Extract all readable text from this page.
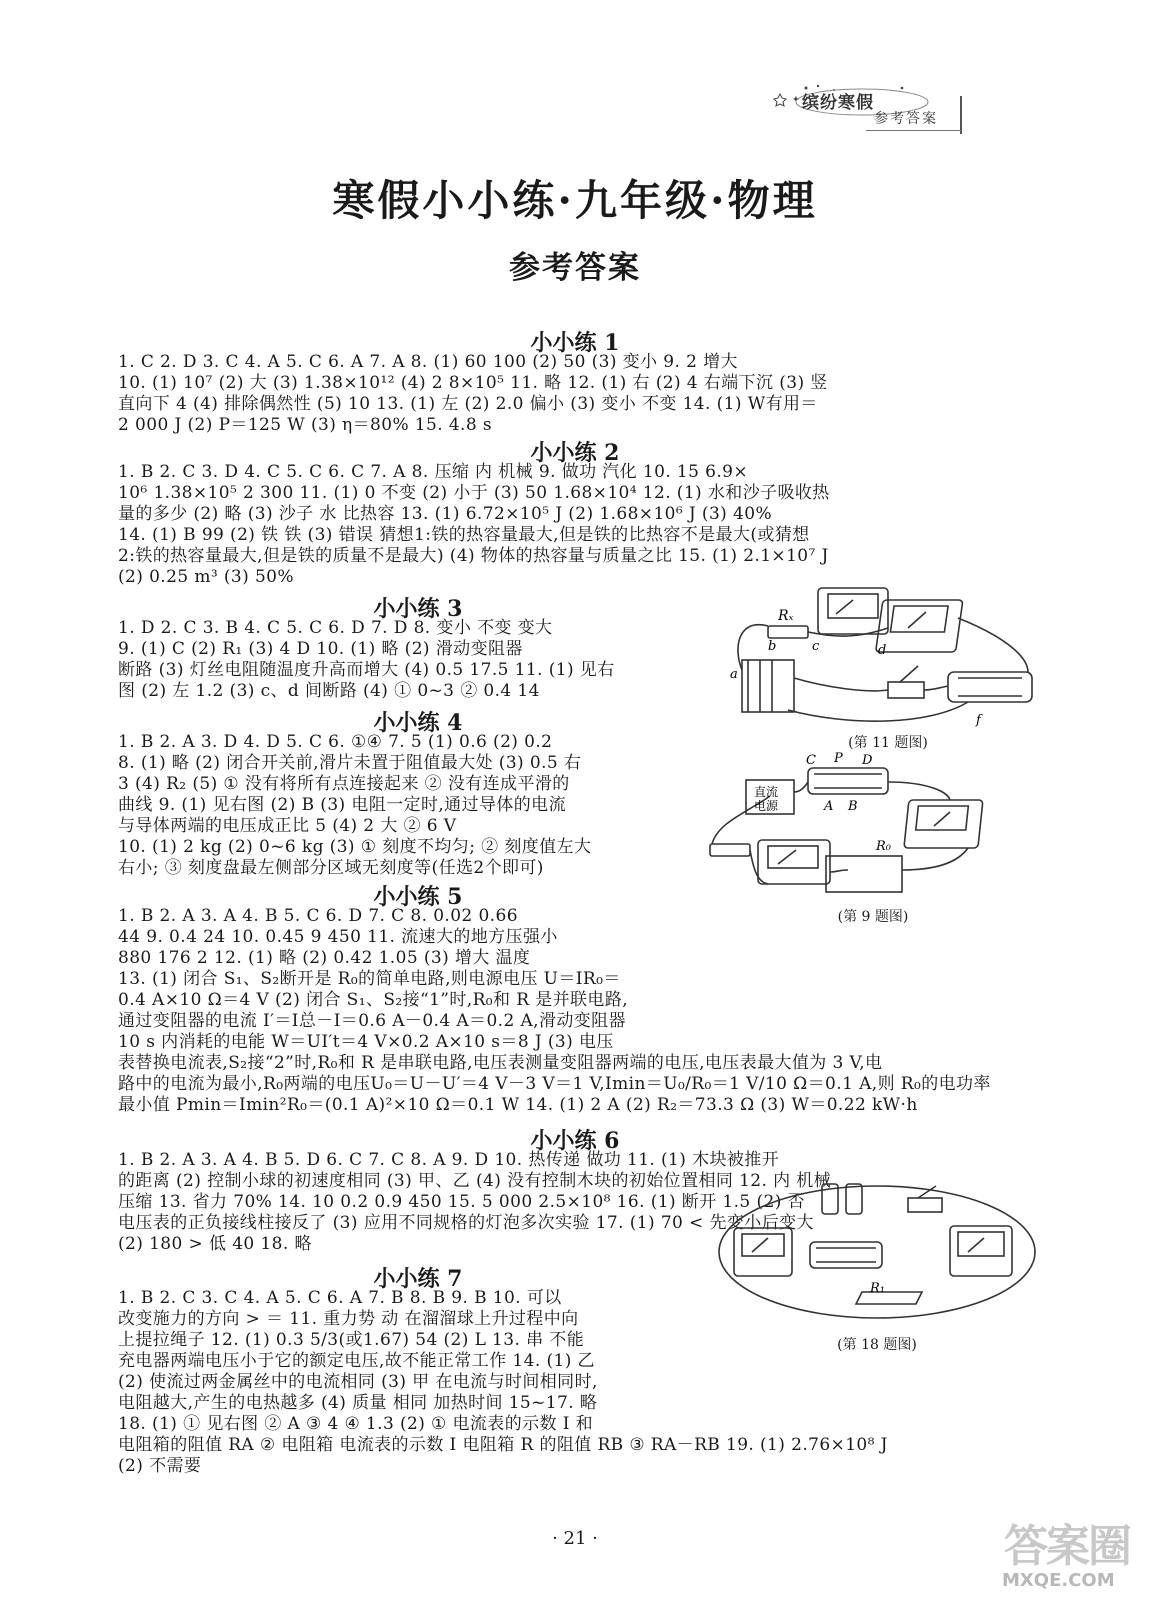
缤纷寒假
参考答案
寒假小小练·九年级·物理
参考答案
小小练 1
1. C 2. D 3. C 4. A 5. C 6. A 7. A 8. (1) 60 100 (2) 50 (3) 变小 9. 2 增大
10. (1) 10⁷ (2) 大 (3) 1.38×10¹² (4) 2 8×10⁵ 11. 略 12. (1) 右 (2) 4 右端下沉 (3) 竖
直向下 4 (4) 排除偶然性 (5) 10 13. (1) 左 (2) 2.0 偏小 (3) 变小 不变 14. (1) W有用＝
2 000 J (2) P＝125 W (3) η＝80% 15. 4.8 s
小小练 2
1. B 2. C 3. D 4. C 5. C 6. C 7. A 8. 压缩 内 机械 9. 做功 汽化 10. 15 6.9×
10⁶ 1.38×10⁵ 2 300 11. (1) 0 不变 (2) 小于 (3) 50 1.68×10⁴ 12. (1) 水和沙子吸收热
量的多少 (2) 略 (3) 沙子 水 比热容 13. (1) 6.72×10⁵ J (2) 1.68×10⁶ J (3) 40%
14. (1) B 99 (2) 铁 铁 (3) 错误 猜想1:铁的热容量最大,但是铁的比热容不是最大(或猜想
2:铁的热容量最大,但是铁的质量不是最大) (4) 物体的热容量与质量之比 15. (1) 2.1×10⁷ J
(2) 0.25 m³ (3) 50%
小小练 3
1. D 2. C 3. B 4. C 5. C 6. D 7. D 8. 变小 不变 变大
9. (1) C (2) R₁ (3) 4 D 10. (1) 略 (2) 滑动变阻器
断路 (3) 灯丝电阻随温度升高而增大 (4) 0.5 17.5 11. (1) 见右
图 (2) 左 1.2 (3) c、d 间断路 (4) ① 0~3 ② 0.4 14
小小练 4
1. B 2. A 3. D 4. D 5. C 6. ①④ 7. 5 (1) 0.6 (2) 0.2
8. (1) 略 (2) 闭合开关前,滑片未置于阻值最大处 (3) 0.5 右
3 (4) R₂ (5) ① 没有将所有点连接起来 ② 没有连成平滑的
曲线 9. (1) 见右图 (2) B (3) 电阻一定时,通过导体的电流
与导体两端的电压成正比 5 (4) 2 大 ② 6 V
10. (1) 2 kg (2) 0~6 kg (3) ① 刻度不均匀; ② 刻度值左大
右小; ③ 刻度盘最左侧部分区域无刻度等(任选2个即可)
小小练 5
1. B 2. A 3. A 4. B 5. C 6. D 7. C 8. 0.02 0.66
44 9. 0.4 24 10. 0.45 9 450 11. 流速大的地方压强小
880 176 2 12. (1) 略 (2) 0.42 1.05 (3) 增大 温度
13. (1) 闭合 S₁、S₂断开是 R₀的简单电路,则电源电压 U＝IR₀＝
0.4 A×10 Ω＝4 V (2) 闭合 S₁、S₂接“1”时,R₀和 R 是并联电路,
通过变阻器的电流 I′＝I总－I＝0.6 A－0.4 A＝0.2 A,滑动变阻器
10 s 内消耗的电能 W＝UI′t＝4 V×0.2 A×10 s＝8 J (3) 电压
表替换电流表,S₂接“2”时,R₀和 R 是串联电路,电压表测量变阻器两端的电压,电压表最大值为 3 V,电
路中的电流为最小,R₀两端的电压U₀＝U－U′＝4 V－3 V＝1 V,Imin＝U₀/R₀＝1 V/10 Ω＝0.1 A,则 R₀的电功率
最小值 Pmin＝Imin²R₀＝(0.1 A)²×10 Ω＝0.1 W 14. (1) 2 A (2) R₂＝73.3 Ω (3) W＝0.22 kW·h
小小练 6
1. B 2. A 3. A 4. B 5. D 6. C 7. C 8. A 9. D 10. 热传递 做功 11. (1) 木块被推开
的距离 (2) 控制小球的初速度相同 (3) 甲、乙 (4) 没有控制木块的初始位置相同 12. 内 机械
压缩 13. 省力 70% 14. 10 0.2 0.9 450 15. 5 000 2.5×10⁸ 16. (1) 断开 1.5 (2) 否
电压表的正负接线柱接反了 (3) 应用不同规格的灯泡多次实验 17. (1) 70 < 先变小后变大
(2) 180 > 低 40 18. 略
小小练 7
1. B 2. C 3. C 4. A 5. C 6. A 7. B 8. B 9. B 10. 可以
改变施力的方向 > ＝ 11. 重力势 动 在溜溜球上升过程中向
上提拉绳子 12. (1) 0.3 5/3(或1.67) 54 (2) L 13. 串 不能
充电器两端电压小于它的额定电压,故不能正常工作 14. (1) 乙
(2) 使流过两金属丝中的电流相同 (3) 甲 在电流与时间相同时,
电阻越大,产生的电热越多 (4) 质量 相同 加热时间 15~17. 略
18. (1) ① 见右图 ② A ③ 4 ④ 1.3 (2) ① 电流表的示数 I 和
电阻箱的阻值 RA ② 电阻箱 电流表的示数 I 电阻箱 R 的阻值 RB ③ RA－RB 19. (1) 2.76×10⁸ J
(2) 不需要
Rₓ
b	c	d
a
f
(第 11 题图)
C P D
A B
直流
电源
R₀
(第 9 题图)
R₁
(第 18 题图)
· 21 ·	答案圈
MXQE.COM
